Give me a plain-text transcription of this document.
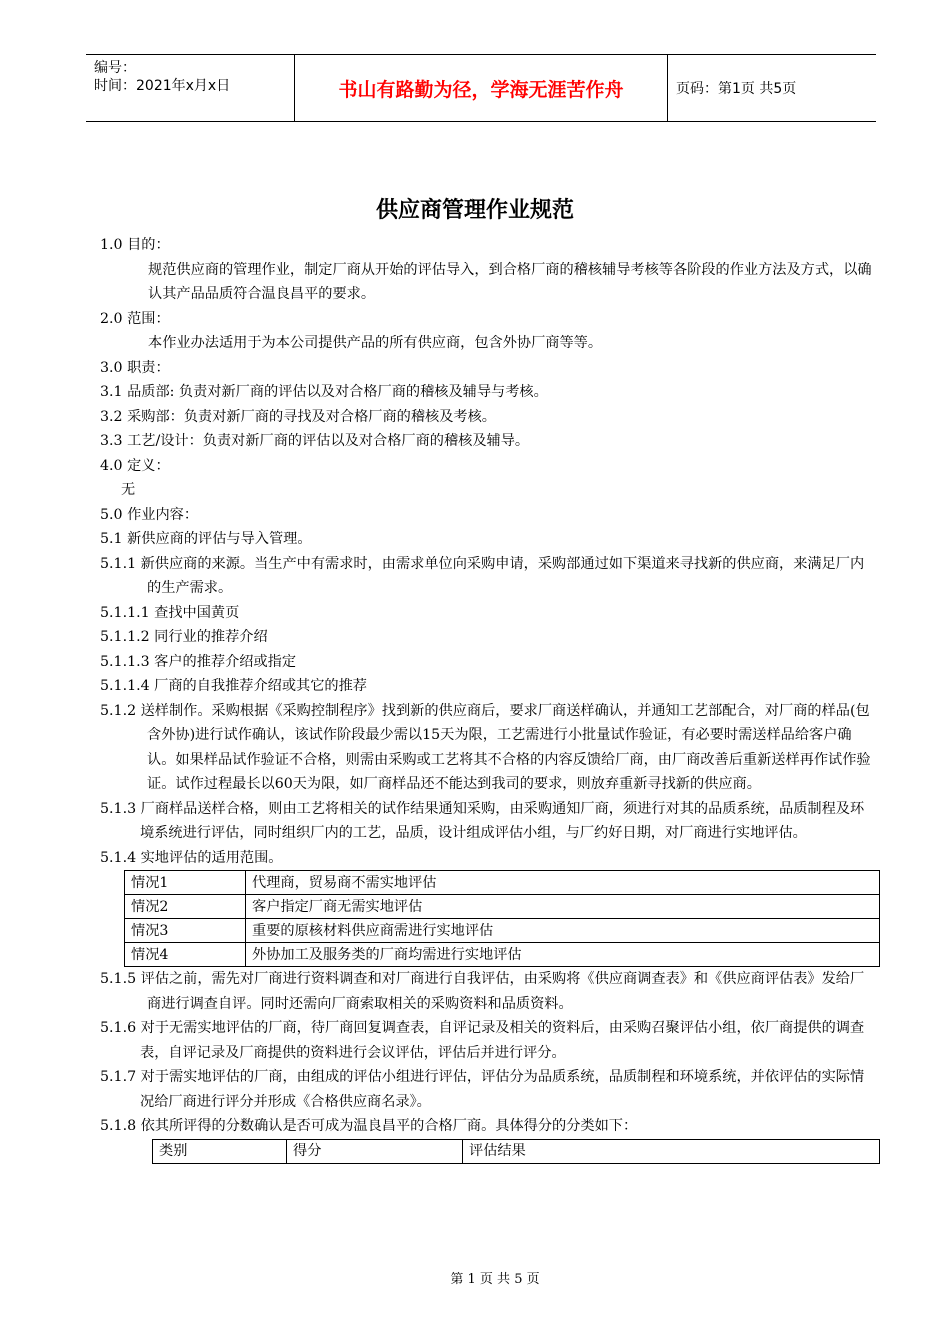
编号：
时间：2021年x月x日	书山有路勤为径，学海无涯苦作舟	页码：第1页 共5页
供应商管理作业规范

1.0 目的：

规范供应商的管理作业，制定厂商从开始的评估导入，到合格厂商的稽核辅导考核等各阶段的作业方法及方式，以确认其产品品质符合温良昌平的要求。

2.0 范围：

本作业办法适用于为本公司提供产品的所有供应商，包含外协厂商等等。

3.0 职责：

3.1 品质部: 负责对新厂商的评估以及对合格厂商的稽核及辅导与考核。

3.2 采购部：负责对新厂商的寻找及对合格厂商的稽核及考核。

3.3 工艺/设计：负责对新厂商的评估以及对合格厂商的稽核及辅导。

4.0 定义：

无

5.0 作业内容：

5.1 新供应商的评估与导入管理。

5.1.1 新供应商的来源。当生产中有需求时，由需求单位向采购申请，采购部通过如下渠道来寻找新的供应商，来满足厂内的生产需求。

5.1.1.1 查找中国黄页

5.1.1.2 同行业的推荐介绍

5.1.1.3 客户的推荐介绍或指定

5.1.1.4 厂商的自我推荐介绍或其它的推荐

5.1.2 送样制作。采购根据《采购控制程序》找到新的供应商后，要求厂商送样确认，并通知工艺部配合，对厂商的样品(包含外协)进行试作确认，该试作阶段最少需以15天为限，工艺需进行小批量试作验证，有必要时需送样品给客户确认。如果样品试作验证不合格，则需由采购或工艺将其不合格的内容反馈给厂商，由厂商改善后重新送样再作试作验证。试作过程最长以60天为限，如厂商样品还不能达到我司的要求，则放弃重新寻找新的供应商。

5.1.3 厂商样品送样合格，则由工艺将相关的试作结果通知采购，由采购通知厂商，须进行对其的品质系统，品质制程及环境系统进行评估，同时组织厂内的工艺，品质，设计组成评估小组，与厂约好日期，对厂商进行实地评估。

5.1.4 实地评估的适用范围。

情况1	代理商，贸易商不需实地评估
情况2	客户指定厂商无需实地评估
情况3	重要的原核材料供应商需进行实地评估
情况4	外协加工及服务类的厂商均需进行实地评估

5.1.5 评估之前，需先对厂商进行资料调查和对厂商进行自我评估，由采购将《供应商调查表》和《供应商评估表》发给厂商进行调查自评。同时还需向厂商索取相关的采购资料和品质资料。

5.1.6 对于无需实地评估的厂商，待厂商回复调查表，自评记录及相关的资料后，由采购召聚评估小组，依厂商提供的调查表，自评记录及厂商提供的资料进行会议评估，评估后并进行评分。

5.1.7 对于需实地评估的厂商，由组成的评估小组进行评估，评估分为品质系统，品质制程和环境系统，并依评估的实际情况给厂商进行评分并形成《合格供应商名录》。

5.1.8 依其所评得的分数确认是否可成为温良昌平的合格厂商。具体得分的分类如下：

类别	得分	评估结果
第 1 页 共 5 页
